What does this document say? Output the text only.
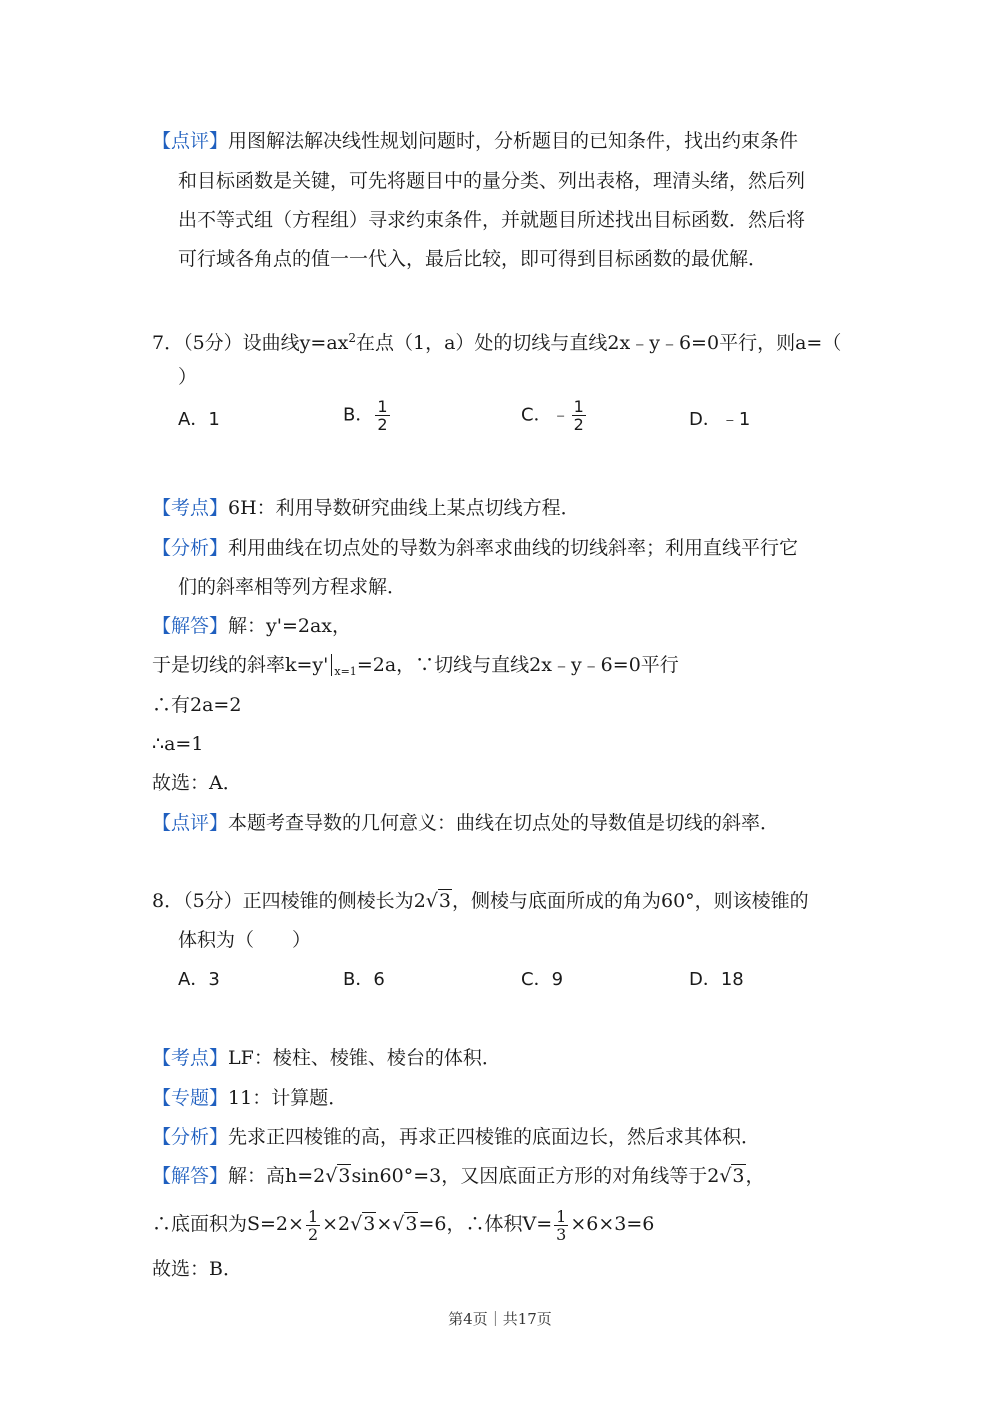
【点评】用图解法解决线性规划问题时，分析题目的已知条件，找出约束条件
和目标函数是关键，可先将题目中的量分类、列出表格，理清头绪，然后列
出不等式组（方程组）寻求约束条件，并就题目所述找出目标函数．然后将
可行域各角点的值一一代入，最后比较，即可得到目标函数的最优解．
7．（5分）设曲线$y=ax^2$在点（1，a）处的切线与直线2x﹣y﹣6=0平行，则a=（
）
A．1	B． $\frac{1}{2}$	C．﹣ $\frac{1}{2}$	D．﹣1
【考点】6H：利用导数研究曲线上某点切线方程．
【分析】利用曲线在切点处的导数为斜率求曲线的切线斜率；利用直线平行它
们的斜率相等列方程求解．
【解答】解：y'=2ax，
于是切线的斜率k=y' $_{x=1}$=2a，∵切线与直线2x﹣y﹣6=0平行
∴有2a=2
∴a=1
故选：A．
【点评】本题考查导数的几何意义：曲线在切点处的导数值是切线的斜率．
8．（5分）正四棱锥的侧棱长为2√3，侧棱与底面所成的角为60°，则该棱锥的
体积为（　　）
A．3	B．6	C．9	D．18
【考点】LF：棱柱、棱锥、棱台的体积．
【专题】11：计算题．
【分析】先求正四棱锥的高，再求正四棱锥的底面边长，然后求其体积．
【解答】解：高h=2√3sin60°=3，又因底面正方形的对角线等于2√3，
∴底面积为$S=2\times \frac{1}{2} \times 2√3\times√3=6$，∴体积$V= \frac{1}{3} \times 6\times 3=6$
故选：B．
第4页｜共17页
